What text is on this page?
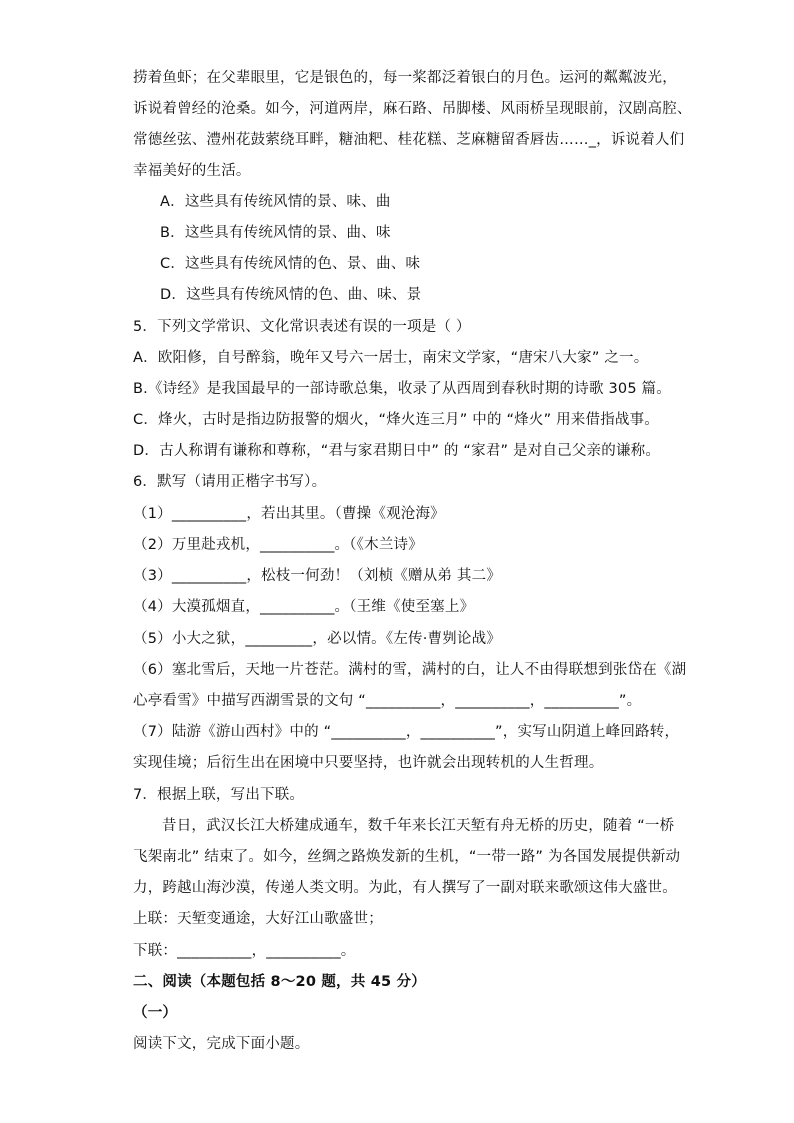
捞着鱼虾；在父辈眼里，它是银色的，每一桨都泛着银白的月色。运河的粼粼波光，
诉说着曾经的沧桑。如今，河道两岸，麻石路、吊脚楼、风雨桥呈现眼前，汉剧高腔、
常德丝弦、澧州花鼓萦绕耳畔，糖油粑、桂花糕、芝麻糖留香唇齿……_，诉说着人们
幸福美好的生活。
A．这些具有传统风情的景、味、曲
B．这些具有传统风情的景、曲、味
C．这些具有传统风情的色、景、曲、味
D．这些具有传统风情的色、曲、味、景
5．下列文学常识、文化常识表述有误的一项是（ ）
A．欧阳修，自号醉翁，晚年又号六一居士，南宋文学家，“唐宋八大家” 之一。
B.《诗经》是我国最早的一部诗歌总集，收录了从西周到春秋时期的诗歌 305 篇。
C．烽火，古时是指边防报警的烟火，“烽火连三月” 中的 “烽火” 用来借指战事。
D．古人称谓有谦称和尊称，“君与家君期日中” 的 “家君” 是对自己父亲的谦称。
6．默写（请用正楷字书写）。
（1）__________，若出其里。（曹操《观沧海》
（2）万里赴戎机，__________。（《木兰诗》
（3）__________，松枝一何劲！（刘桢《赠从弟 其二》
（4）大漠孤烟直，__________。（王维《使至塞上》
（5）小大之狱，_________，必以情。《左传·曹刿论战》
（6）塞北雪后，天地一片苍茫。满村的雪，满村的白，让人不由得联想到张岱在《湖
心亭看雪》中描写西湖雪景的文句 “__________，__________，__________”。
（7）陆游《游山西村》中的 “__________，__________”，实写山阴道上峰回路转，
实现佳境；后衍生出在困境中只要坚持，也许就会出现转机的人生哲理。
7．根据上联，写出下联。
昔日，武汉长江大桥建成通车，数千年来长江天堑有舟无桥的历史，随着 “一桥
飞架南北” 结束了。如今，丝绸之路焕发新的生机，“一带一路” 为各国发展提供新动
力，跨越山海沙漠，传递人类文明。为此，有人撰写了一副对联来歌颂这伟大盛世。
上联：天堑变通途，大好江山歌盛世；
下联：__________，__________。
二、阅读（本题包括 8～20 题，共 45 分）
（一）
阅读下文，完成下面小题。
